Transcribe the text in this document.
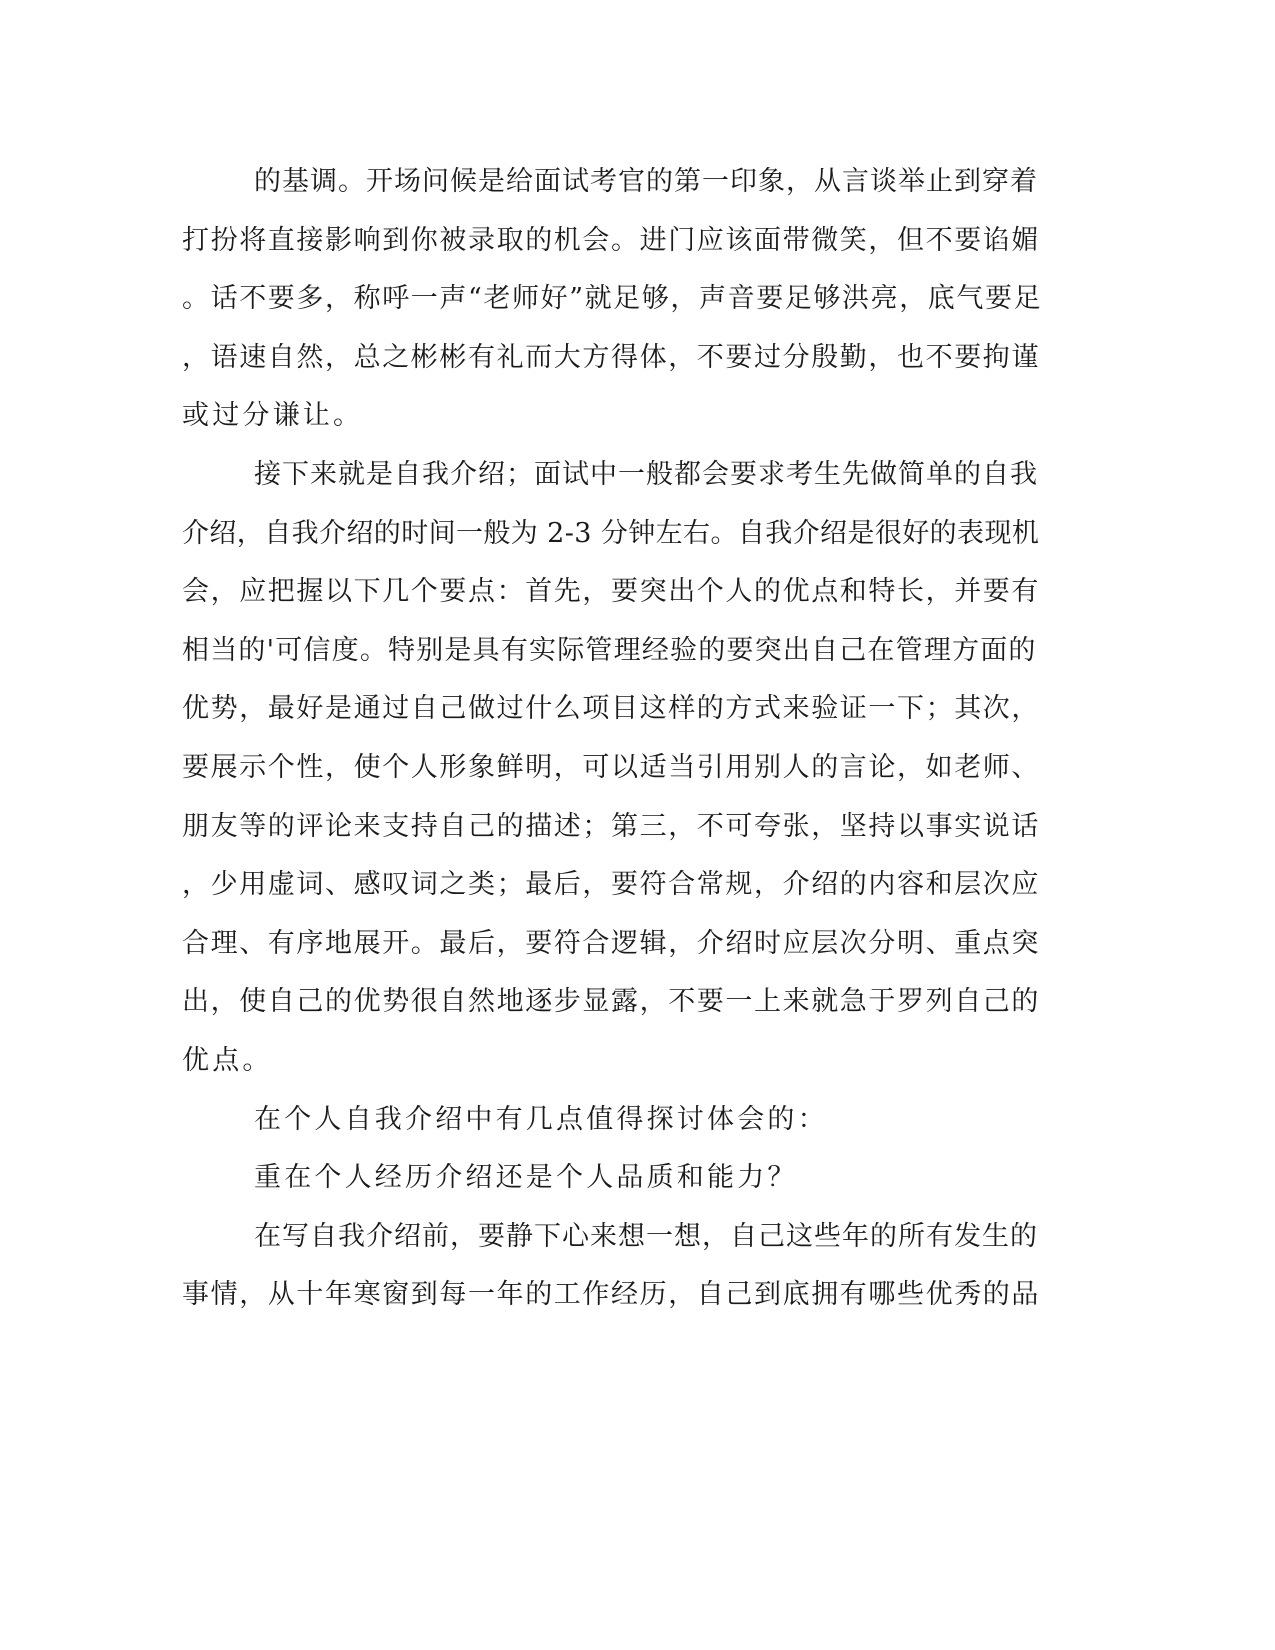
的基调。开场问候是给面试考官的第一印象，从言谈举止到穿着
打扮将直接影响到你被录取的机会。进门应该面带微笑，但不要谄媚
。话不要多，称呼一声“老师好”就足够，声音要足够洪亮，底气要足
，语速自然，总之彬彬有礼而大方得体，不要过分殷勤，也不要拘谨
或过分谦让。
接下来就是自我介绍；面试中一般都会要求考生先做简单的自我
介绍，自我介绍的时间一般为 2-3 分钟左右。自我介绍是很好的表现机
会，应把握以下几个要点：首先，要突出个人的优点和特长，并要有
相当的'可信度。特别是具有实际管理经验的要突出自己在管理方面的
优势，最好是通过自己做过什么项目这样的方式来验证一下；其次，
要展示个性，使个人形象鲜明，可以适当引用别人的言论，如老师、
朋友等的评论来支持自己的描述；第三，不可夸张，坚持以事实说话
，少用虚词、感叹词之类；最后，要符合常规，介绍的内容和层次应
合理、有序地展开。最后，要符合逻辑，介绍时应层次分明、重点突
出，使自己的优势很自然地逐步显露，不要一上来就急于罗列自己的
优点。
在个人自我介绍中有几点值得探讨体会的：
重在个人经历介绍还是个人品质和能力？
在写自我介绍前，要静下心来想一想，自己这些年的所有发生的
事情，从十年寒窗到每一年的工作经历，自己到底拥有哪些优秀的品
